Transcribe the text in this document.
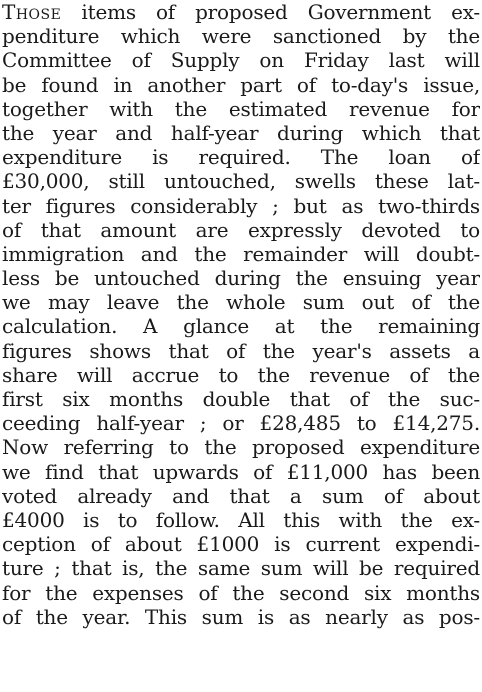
Those items of proposed Government ex-
penditure which were sanctioned by the
Committee of Supply on Friday last will
be found in another part of to-day's issue,
together with the estimated revenue for
the year and half-year during which that
expenditure is required. The loan of
£30,000, still untouched, swells these lat-
ter figures considerably ; but as two-thirds
of that amount are expressly devoted to
immigration and the remainder will doubt-
less be untouched during the ensuing year
we may leave the whole sum out of the
calculation. A glance at the remaining
figures shows that of the year's assets a
share will accrue to the revenue of the
first six months double that of the suc-
ceeding half-year ; or £28,485 to £14,275.
Now referring to the proposed expenditure
we find that upwards of £11,000 has been
voted already and that a sum of about
£4000 is to follow. All this with the ex-
ception of about £1000 is current expendi-
ture ; that is, the same sum will be required
for the expenses of the second six months
of the year. This sum is as nearly as pos-
